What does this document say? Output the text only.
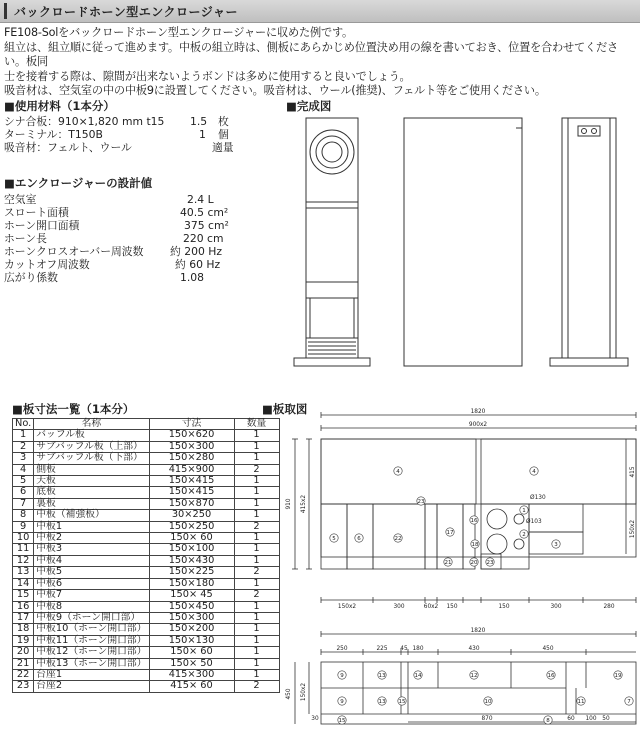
バックロードホーン型エンクロージャー
FE108-Solをバックロードホーン型エンクロージャーに収めた例です。
組立は、組立順に従って進めます。中板の組立時は、側板にあらかじめ位置決め用の線を書いておき、位置を合わせてください。板同
士を接着する際は、隙間が出来ないようボンドは多めに使用すると良いでしょう。
吸音材は、空気室の中の中板9に設置してください。吸音材は、ウール(推奨)、フェルト等をご使用ください。
■使用材料（1本分）
シナ合板：910×1,820 mm t15 1.5 枚
ターミナル：T150B	1 個
吸音材：フェルト、ウール	適量
■エンクロージャーの設計値
空気室	2.4 L
スロート面積	40.5 cm²
ホーン開口面積	375 cm²
ホーン長	220 cm
ホーンクロスオーバー周波数 約 200 Hz
カットオフ周波数	約 60 Hz
広がり係数	1.08
■完成図
■板寸法一覧（1本分）
No.	名称	寸法	数量
1	バッフル板	150×620	1
2	サブバッフル板（上部）	150×300	1
3	サブバッフル板（下部）	150×280	1
4	側板	415×900	2
5	天板	150×415	1
6	底板	150×415	1
7	裏板	150×870	1
8	中板（補強板）	30×250	1
9	中板1	150×250	2
10	中板2	150× 60	1
11	中板3	150×100	1
12	中板4	150×430	1
13	中板5	150×225	2
14	中板6	150×180	1
15	中板7	150× 45	2
16	中板8	150×450	1
17	中板9（ホーン開口部）	150×300	1
18	中板10（ホーン開口部）	150×200	1
19	中板11（ホーン開口部）	150×130	1
20	中板12（ホーン開口部）	150× 60	1
21	中板13（ホーン開口部）	150× 50	1
22	台座1	415×300	1
23	台座2	415× 60	2
■板取図	1820
900x2
910 415x2
415
150x2
150x2	300	60x2 150	150	300	280
Ø130
Ø103
1820
250	225 45 180	430	450
450 150x2
30	870	60 100 50
4	4
23
5	6	22
17
16
1
18
2
3
21	20 23
9	13	14	12	16
9	13 15	10	11	7
19
8
15
